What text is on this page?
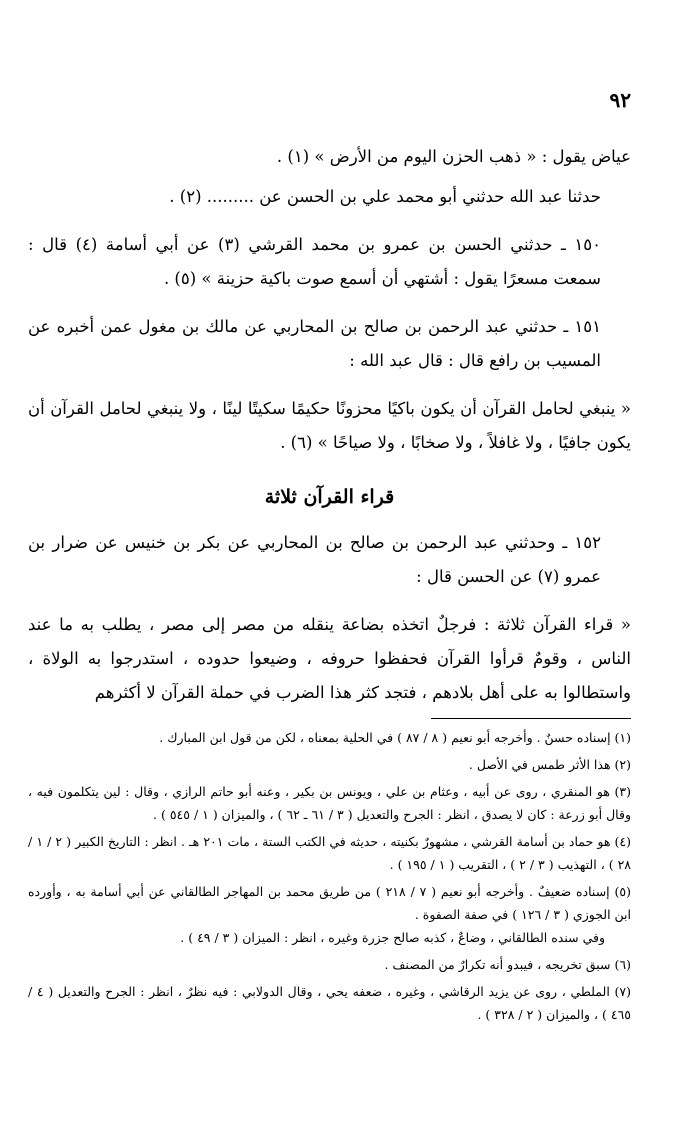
٩٢

عياض يقول : « ذهب الحزن اليوم من الأرض » (١) .

حدثنا عبد الله حدثني أبو محمد علي بن الحسن عن ......... (٢) .

١٥٠ ـ حدثني الحسن بن عمرو بن محمد القرشي (٣) عن أبي أسامة (٤) قال : سمعت مسعرًا يقول : أشتهي أن أسمع صوت باكية حزينة » (٥) .

١٥١ ـ حدثني عبد الرحمن بن صالح بن المحاربي عن مالك بن مغول عمن أخبره عن المسيب بن رافع قال : قال عبد الله :

« ينبغي لحامل القرآن أن يكون باكيًا محزونًا حكيمًا سكيتًا لينًا ، ولا ينبغي لحامل القرآن أن يكون جافيًا ، ولا غافلاً ، ولا صخابًا ، ولا صياحًا » (٦) .

قراء القرآن ثلاثة

١٥٢ ـ وحدثني عبد الرحمن بن صالح بن المحاربي عن بكر بن خنيس عن ضرار بن عمرو (٧) عن الحسن قال :

« قراء القرآن ثلاثة : فرجلٌ اتخذه بضاعة ينقله من مصر إلى مصر ، يطلب به ما عند الناس ، وقومٌ قرأوا القرآن فحفظوا حروفه ، وضيعوا حدوده ، استدرجوا به الولاة ، واستطالوا به على أهل بلادهم ، فتجد كثر هذا الضرب في حملة القرآن لا أكثرهم

(١) إسناده حسنٌ . وأخرجه أبو نعيم ( ٨ / ٨٧ ) في الحلية بمعناه ، لكن من قول ابن المبارك .

(٢) هذا الأثر طمس في الأصل .

(٣) هو المنقري ، روى عن أبيه ، وعثام بن علي ، ويونس بن بكير ، وعنه أبو حاتم الرازي ، وقال : لين يتكلمون فيه ، وقال أبو زرعة : كان لا يصدق ، انظر : الجرح والتعديل ( ٣ / ٦١ ـ ٦٢ ) ، والميزان ( ١ / ٥٤٥ ) .

(٤) هو حماد بن أسامة القرشي ، مشهورٌ بكنيته ، حديثه في الكتب الستة ، مات ٢٠١ هـ . انظر : التاريخ الكبير ( ٢ / ١ / ٢٨ ) ، التهذيب ( ٣ / ٢ ) ، التقريب ( ١ / ١٩٥ ) .

(٥) إسناده ضعيفٌ . وأخرجه أبو نعيم ( ٧ / ٢١٨ ) من طريق محمد بن المهاجر الطالقاني عن أبي أسامة به ، وأورده ابن الجوزي ( ٣ / ١٢٦ ) في صفة الصفوة .

وفي سنده الطالقاني ، وضاعٌ ، كذبه صالح جزرة وغيره ، انظر : الميزان ( ٣ / ٤٩ ) .

(٦) سبق تخريجه ، فيبدو أنه تكرارٌ من المصنف .

(٧) الملطي ، روى عن يزيد الرقاشي ، وغيره ، ضعفه يحي ، وقال الدولابي : فيه نظرٌ ، انظر : الجرح والتعديل ( ٤ / ٤٦٥ ) ، والميزان ( ٢ / ٣٢٨ ) .
